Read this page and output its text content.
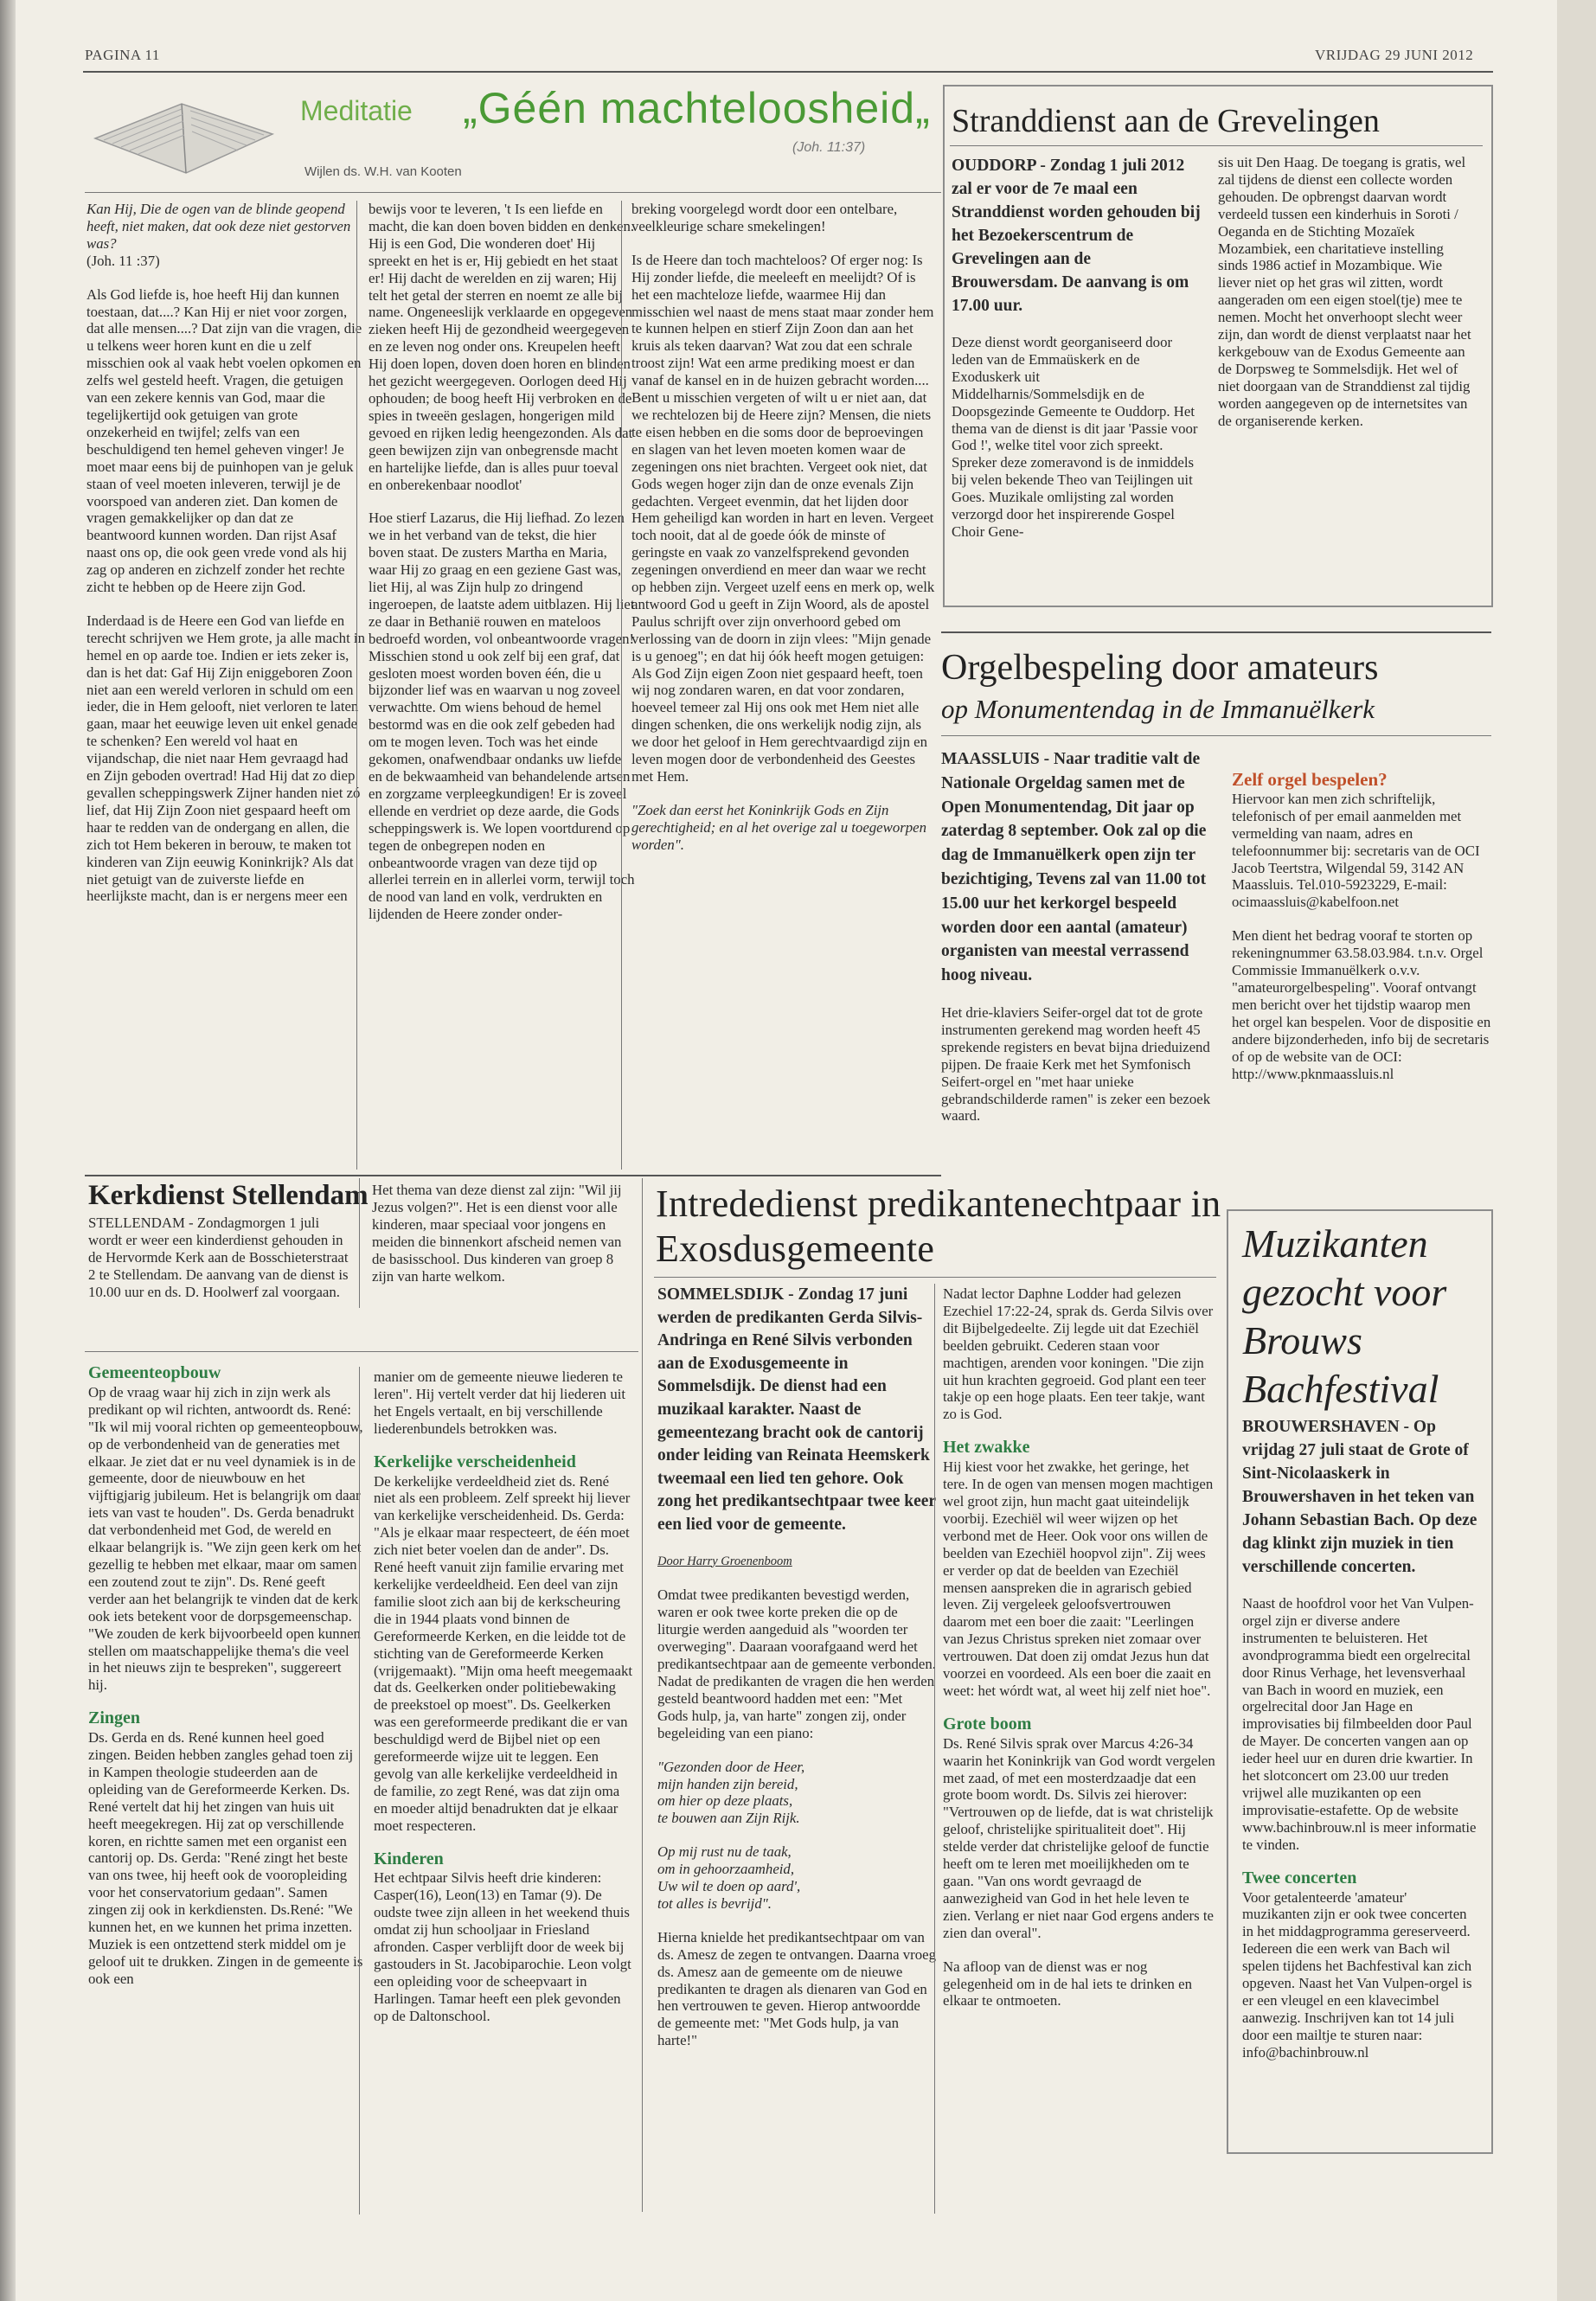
PAGINA 11	VRIJDAG 29 JUNI 2012
Meditatie „Géén machteloosheid„
Wijlen ds. W.H. van Kooten
(Joh. 11:37)

Kan Hij, Die de ogen van de blinde geopend heeft, niet maken, dat ook deze niet gestorven was?

(Joh. 11 :37)

Als God liefde is, hoe heeft Hij dan kunnen toestaan, dat....? Kan Hij er niet voor zorgen, dat alle mensen....? Dat zijn van die vragen, die u telkens weer horen kunt en die u zelf misschien ook al vaak hebt voelen opkomen en zelfs wel gesteld heeft. Vragen, die getuigen van een zekere kennis van God, maar die tegelijkertijd ook getuigen van grote onzekerheid en twijfel; zelfs van een beschuldigend ten hemel geheven vinger! Je moet maar eens bij de puinhopen van je geluk staan of veel moeten inleveren, terwijl je de voorspoed van anderen ziet. Dan komen de vragen gemakkelijker op dan dat ze beantwoord kunnen worden. Dan rijst Asaf naast ons op, die ook geen vrede vond als hij zag op anderen en zichzelf zonder het rechte zicht te hebben op de Heere zijn God.

Inderdaad is de Heere een God van liefde en terecht schrijven we Hem grote, ja alle macht in hemel en op aarde toe. Indien er iets zeker is, dan is het dat: Gaf Hij Zijn eniggeboren Zoon niet aan een wereld verloren in schuld om een ieder, die in Hem gelooft, niet verloren te laten gaan, maar het eeuwige leven uit enkel genade te schenken? Een wereld vol haat en vijandschap, die niet naar Hem gevraagd had en Zijn geboden overtrad! Had Hij dat zo diep gevallen scheppingswerk Zijner handen niet zó lief, dat Hij Zijn Zoon niet gespaard heeft om haar te redden van de ondergang en allen, die zich tot Hem bekeren in berouw, te maken tot kinderen van Zijn eeuwig Koninkrijk? Als dat niet getuigt van de zuiverste liefde en heerlijkste macht, dan is er nergens meer een

bewijs voor te leveren, 't Is een liefde en macht, die kan doen boven bidden en denken. Hij is een God, Die wonderen doet' Hij spreekt en het is er, Hij gebiedt en het staat er! Hij dacht de werelden en zij waren; Hij telt het getal der sterren en noemt ze alle bij name. Ongeneeslijk verklaarde en opgegeven zieken heeft Hij de gezondheid weergegeven en ze leven nog onder ons. Kreupelen heeft Hij doen lopen, doven doen horen en blinden het gezicht weergegeven. Oorlogen deed Hij ophouden; de boog heeft Hij verbroken en de spies in tweeën geslagen, hongerigen mild gevoed en rijken ledig heengezonden. Als dat geen bewijzen zijn van onbegrensde macht en hartelijke liefde, dan is alles puur toeval en onberekenbaar noodlot'

Hoe stierf Lazarus, die Hij liefhad. Zo lezen we in het verband van de tekst, die hier boven staat. De zusters Martha en Maria, waar Hij zo graag en een geziene Gast was, liet Hij, al was Zijn hulp zo dringend ingeroepen, de laatste adem uitblazen. Hij liet ze daar in Bethanië rouwen en mateloos bedroefd worden, vol onbeantwoorde vragen! Misschien stond u ook zelf bij een graf, dat gesloten moest worden boven één, die u bijzonder lief was en waarvan u nog zoveel verwachtte. Om wiens behoud de hemel bestormd was en die ook zelf gebeden had om te mogen leven. Toch was het einde gekomen, onafwendbaar ondanks uw liefde en de bekwaamheid van behandelende artsen en zorgzame verpleegkundigen! Er is zoveel ellende en verdriet op deze aarde, die Gods scheppingswerk is. We lopen voortdurend op tegen de onbegrepen noden en onbeantwoorde vragen van deze tijd op allerlei terrein en in allerlei vorm, terwijl toch de nood van land en volk, verdrukten en lijdenden de Heere zonder onder-

breking voorgelegd wordt door een ontelbare, veelkleurige schare smekelingen!

Is de Heere dan toch machteloos? Of erger nog: Is Hij zonder liefde, die meeleeft en meelijdt? Of is het een machteloze liefde, waarmee Hij dan misschien wel naast de mens staat maar zonder hem te kunnen helpen en stierf Zijn Zoon dan aan het kruis als teken daarvan? Wat zou dat een schrale troost zijn! Wat een arme prediking moest er dan vanaf de kansel en in de huizen gebracht worden.... Bent u misschien vergeten of wilt u er niet aan, dat we rechtelozen bij de Heere zijn? Mensen, die niets te eisen hebben en die soms door de beproevingen en slagen van het leven moeten komen waar de zegeningen ons niet brachten. Vergeet ook niet, dat Gods wegen hoger zijn dan de onze evenals Zijn gedachten. Vergeet evenmin, dat het lijden door Hem geheiligd kan worden in hart en leven. Vergeet toch nooit, dat al de goede óók de minste of geringste en vaak zo vanzelfsprekend gevonden zegeningen onverdiend en meer dan waar we recht op hebben zijn. Vergeet uzelf eens en merk op, welk antwoord God u geeft in Zijn Woord, als de apostel Paulus schrijft over zijn onverhoord gebed om verlossing van de doorn in zijn vlees: "Mijn genade is u genoeg"; en dat hij óók heeft mogen getuigen: Als God Zijn eigen Zoon niet gespaard heeft, toen wij nog zondaren waren, en dat voor zondaren, hoeveel temeer zal Hij ons ook met Hem niet alle dingen schenken, die ons werkelijk nodig zijn, als we door het geloof in Hem gerechtvaardigd zijn en leven mogen door de verbondenheid des Geestes met Hem.

"Zoek dan eerst het Koninkrijk Gods en Zijn gerechtigheid; en al het overige zal u toegeworpen worden".

Stranddienst aan de Grevelingen

OUDDORP - Zondag 1 juli 2012 zal er voor de 7e maal een Stranddienst worden gehouden bij het Bezoekerscentrum de Grevelingen aan de Brouwersdam. De aanvang is om 17.00 uur.

Deze dienst wordt georganiseerd door leden van de Emmaüskerk en de Exoduskerk uit Middelharnis/Sommelsdijk en de Doopsgezinde Gemeente te Ouddorp. Het thema van de dienst is dit jaar 'Passie voor God !', welke titel voor zich spreekt. Spreker deze zomeravond is de inmiddels bij velen bekende Theo van Teijlingen uit Goes. Muzikale omlijsting zal worden verzorgd door het inspirerende Gospel Choir Gene-

sis uit Den Haag. De toegang is gratis, wel zal tijdens de dienst een collecte worden gehouden. De opbrengst daarvan wordt verdeeld tussen een kinderhuis in Soroti / Oeganda en de Stichting Mozaïek Mozambiek, een charitatieve instelling sinds 1986 actief in Mozambique. Wie liever niet op het gras wil zitten, wordt aangeraden om een eigen stoel(tje) mee te nemen. Mocht het onverhoopt slecht weer zijn, dan wordt de dienst verplaatst naar het kerkgebouw van de Exodus Gemeente aan de Dorpsweg te Sommelsdijk. Het wel of niet doorgaan van de Stranddienst zal tijdig worden aangegeven op de internetsites van de organiserende kerken.

Orgelbespeling door amateurs
op Monumentendag in de Immanuëlkerk

MAASSLUIS - Naar traditie valt de Nationale Orgeldag samen met de Open Monumentendag, Dit jaar op zaterdag 8 september. Ook zal op die dag de Immanuëlkerk open zijn ter bezichtiging, Tevens zal van 11.00 tot 15.00 uur het kerkorgel bespeeld worden door een aantal (amateur) organisten van meestal verrassend hoog niveau.

Het drie-klaviers Seifer-orgel dat tot de grote instrumenten gerekend mag worden heeft 45 sprekende registers en bevat bijna drieduizend pijpen. De fraaie Kerk met het Symfonisch Seifert-orgel en "met haar unieke gebrandschilderde ramen" is zeker een bezoek waard.

Zelf orgel bespelen?

Hiervoor kan men zich schriftelijk, telefonisch of per email aanmelden met vermelding van naam, adres en telefoonnummer bij: secretaris van de OCI Jacob Teertstra, Wilgendal 59, 3142 AN Maassluis. Tel.010-5923229, E-mail: ocimaassluis@kabelfoon.net

Men dient het bedrag vooraf te storten op rekeningnummer 63.58.03.984. t.n.v. Orgel Commissie Immanuëlkerk o.v.v. "amateurorgelbespeling". Vooraf ontvangt men bericht over het tijdstip waarop men het orgel kan bespelen. Voor de dispositie en andere bijzonderheden, info bij de secretaris of op de website van de OCI: http://www.pknmaassluis.nl

Kerkdienst Stellendam

STELLENDAM - Zondagmorgen 1 juli wordt er weer een kinderdienst gehouden in de Hervormde Kerk aan de Bosschieterstraat 2 te Stellendam. De aanvang van de dienst is 10.00 uur en ds. D. Hoolwerf zal voorgaan.

Het thema van deze dienst zal zijn: "Wil jij Jezus volgen?". Het is een dienst voor alle kinderen, maar speciaal voor jongens en meiden die binnenkort afscheid nemen van de basisschool. Dus kinderen van groep 8 zijn van harte welkom.

Intrededienst predikantenechtpaar in Exosdusgemeente
Gemeenteopbouw

Op de vraag waar hij zich in zijn werk als predikant op wil richten, antwoordt ds. René: "Ik wil mij vooral richten op gemeenteopbouw, op de verbondenheid van de generaties met elkaar. Je ziet dat er nu veel dynamiek is in de gemeente, door de nieuwbouw en het vijftigjarig jubileum. Het is belangrijk om daar iets van vast te houden". Ds. Gerda benadrukt dat verbondenheid met God, de wereld en elkaar belangrijk is. "We zijn geen kerk om het gezellig te hebben met elkaar, maar om samen een zoutend zout te zijn". Ds. René geeft verder aan het belangrijk te vinden dat de kerk ook iets betekent voor de dorpsgemeenschap. "We zouden de kerk bijvoorbeeld open kunnen stellen om maatschappelijke thema's die veel in het nieuws zijn te bespreken", suggereert hij.

Zingen

Ds. Gerda en ds. René kunnen heel goed zingen. Beiden hebben zangles gehad toen zij in Kampen theologie studeerden aan de opleiding van de Gereformeerde Kerken. Ds. René vertelt dat hij het zingen van huis uit heeft meegekregen. Hij zat op verschillende koren, en richtte samen met een organist een cantorij op. Ds. Gerda: "René zingt het beste van ons twee, hij heeft ook de vooropleiding voor het conservatorium gedaan". Samen zingen zij ook in kerkdiensten. Ds.René: "We kunnen het, en we kunnen het prima inzetten. Muziek is een ontzettend sterk middel om je geloof uit te drukken. Zingen in de gemeente is ook een

manier om de gemeente nieuwe liederen te leren". Hij vertelt verder dat hij liederen uit het Engels vertaalt, en bij verschillende liederenbundels betrokken was.

Kerkelijke verscheidenheid

De kerkelijke verdeeldheid ziet ds. René niet als een probleem. Zelf spreekt hij liever van kerkelijke verscheidenheid. Ds. Gerda: "Als je elkaar maar respecteert, de één moet zich niet beter voelen dan de ander". Ds. René heeft vanuit zijn familie ervaring met kerkelijke verdeeldheid. Een deel van zijn familie sloot zich aan bij de kerkscheuring die in 1944 plaats vond binnen de Gereformeerde Kerken, en die leidde tot de stichting van de Gereformeerde Kerken (vrijgemaakt). "Mijn oma heeft meegemaakt dat ds. Geelkerken onder politiebewaking de preekstoel op moest". Ds. Geelkerken was een gereformeerde predikant die er van beschuldigd werd de Bijbel niet op een gereformeerde wijze uit te leggen. Een gevolg van alle kerkelijke verdeeldheid in de familie, zo zegt René, was dat zijn oma en moeder altijd benadrukten dat je elkaar moet respecteren.

Kinderen

Het echtpaar Silvis heeft drie kinderen: Casper(16), Leon(13) en Tamar (9). De oudste twee zijn alleen in het weekend thuis omdat zij hun schooljaar in Friesland afronden. Casper verblijft door de week bij gastouders in St. Jacobiparochie. Leon volgt een opleiding voor de scheepvaart in Harlingen. Tamar heeft een plek gevonden op de Daltonschool.

SOMMELSDIJK - Zondag 17 juni werden de predikanten Gerda Silvis-Andringa en René Silvis verbonden aan de Exodusgemeente in Sommelsdijk. De dienst had een muzikaal karakter. Naast de gemeentezang bracht ook de cantorij onder leiding van Reinata Heemskerk tweemaal een lied ten gehore. Ook zong het predikantsechtpaar twee keer een lied voor de gemeente.

Door Harry Groenenboom

Omdat twee predikanten bevestigd werden, waren er ook twee korte preken die op de liturgie werden aangeduid als "woorden ter overweging". Daaraan voorafgaand werd het predikantsechtpaar aan de gemeente verbonden. Nadat de predikanten de vragen die hen werden gesteld beantwoord hadden met een: "Met Gods hulp, ja, van harte" zongen zij, onder begeleiding van een piano:

"Gezonden door de Heer,
mijn handen zijn bereid,
om hier op deze plaats,
te bouwen aan Zijn Rijk.

Op mij rust nu de taak,
om in gehoorzaamheid,
Uw wil te doen op aard',
tot alles is bevrijd".

Hierna knielde het predikantsechtpaar om van ds. Amesz de zegen te ontvangen. Daarna vroeg ds. Amesz aan de gemeente om de nieuwe predikanten te dragen als dienaren van God en hen vertrouwen te geven. Hierop antwoordde de gemeente met: "Met Gods hulp, ja van harte!"

Nadat lector Daphne Lodder had gelezen Ezechiel 17:22-24, sprak ds. Gerda Silvis over dit Bijbelgedeelte. Zij legde uit dat Ezechiël beelden gebruikt. Cederen staan voor machtigen, arenden voor koningen. "Die zijn uit hun krachten gegroeid. God plant een teer takje op een hoge plaats. Een teer takje, want zo is God.

Het zwakke

Hij kiest voor het zwakke, het geringe, het tere. In de ogen van mensen mogen machtigen wel groot zijn, hun macht gaat uiteindelijk voorbij. Ezechiël wil weer wijzen op het verbond met de Heer. Ook voor ons willen de beelden van Ezechiël hoopvol zijn". Zij wees er verder op dat de beelden van Ezechiël mensen aanspreken die in agrarisch gebied leven. Zij vergeleek geloofsvertrouwen daarom met een boer die zaait: "Leerlingen van Jezus Christus spreken niet zomaar over vertrouwen. Dat doen zij omdat Jezus hun dat voorzei en voordeed. Als een boer die zaait en weet: het wórdt wat, al weet hij zelf niet hoe".

Grote boom

Ds. René Silvis sprak over Marcus 4:26-34 waarin het Koninkrijk van God wordt vergelen met zaad, of met een mosterdzaadje dat een grote boom wordt. Ds. Silvis zei hierover: "Vertrouwen op de liefde, dat is wat christelijk geloof, christelijke spiritualiteit doet". Hij stelde verder dat christelijke geloof de functie heeft om te leren met moeilijkheden om te gaan. "Van ons wordt gevraagd de aanwezigheid van God in het hele leven te zien. Verlang er niet naar God ergens anders te zien dan overal".

Na afloop van de dienst was er nog gelegenheid om in de hal iets te drinken en elkaar te ontmoeten.

Muzikanten gezocht voor Brouws Bachfestival

BROUWERSHAVEN - Op vrijdag 27 juli staat de Grote of Sint-Nicolaaskerk in Brouwershaven in het teken van Johann Sebastian Bach. Op deze dag klinkt zijn muziek in tien verschillende concerten.

Naast de hoofdrol voor het Van Vulpen-orgel zijn er diverse andere instrumenten te beluisteren. Het avondprogramma biedt een orgelrecital door Rinus Verhage, het levensverhaal van Bach in woord en muziek, een orgelrecital door Jan Hage en improvisaties bij filmbeelden door Paul de Mayer. De concerten vangen aan op ieder heel uur en duren drie kwartier. In het slotconcert om 23.00 uur treden vrijwel alle muzikanten op een improvisatie-estafette. Op de website www.bachinbrouw.nl is meer informatie te vinden.

Twee concerten

Voor getalenteerde 'amateur' muzikanten zijn er ook twee concerten in het middagprogramma gereserveerd. Iedereen die een werk van Bach wil spelen tijdens het Bachfestival kan zich opgeven. Naast het Van Vulpen-orgel is er een vleugel en een klavecimbel aanwezig. Inschrijven kan tot 14 juli door een mailtje te sturen naar: info@bachinbrouw.nl
